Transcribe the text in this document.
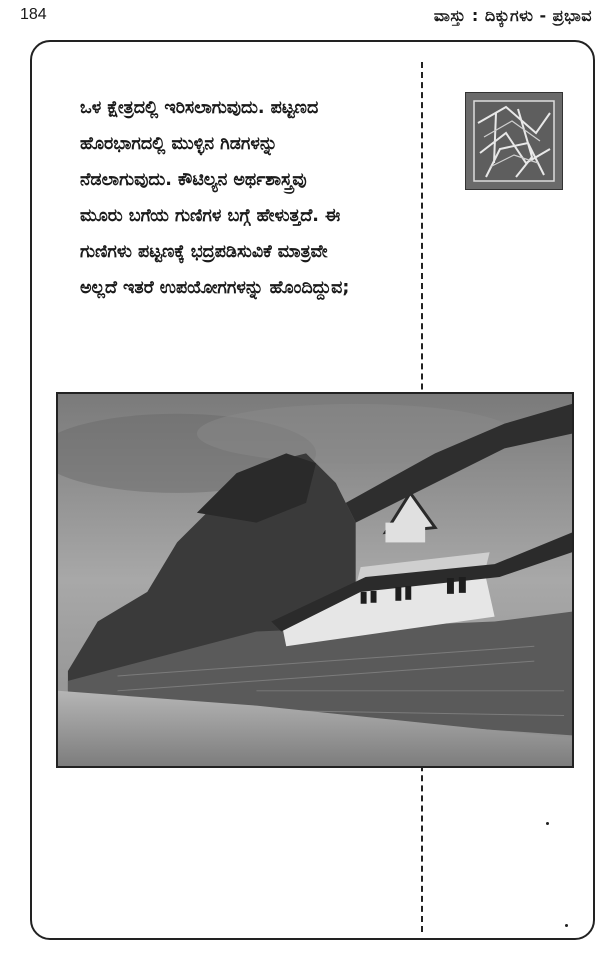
184	ವಾಸ್ತು : ದಿಕ್ಕುಗಳು - ಪ್ರಭಾವ
ಒಳ ಕ್ಷೇತ್ರದಲ್ಲಿ ಇರಿಸಲಾಗುವುದು. ಪಟ್ಟಣದ
ಹೊರಭಾಗದಲ್ಲಿ ಮುಳ್ಳಿನ ಗಿಡಗಳನ್ನು
ನೆಡಲಾಗುವುದು. ಕೌಟಿಲ್ಯನ ಅರ್ಥಶಾಸ್ತ್ರವು
ಮೂರು ಬಗೆಯ ಗುಣಿಗಳ ಬಗ್ಗೆ ಹೇಳುತ್ತದೆ. ಈ
ಗುಣಿಗಳು ಪಟ್ಟಣಕ್ಕೆ ಭದ್ರಪಡಿಸುವಿಕೆ ಮಾತ್ರವೇ
ಅಲ್ಲದೆ ಇತರೆ ಉಪಯೋಗಗಳನ್ನು ಹೊಂದಿದ್ದುವ;
